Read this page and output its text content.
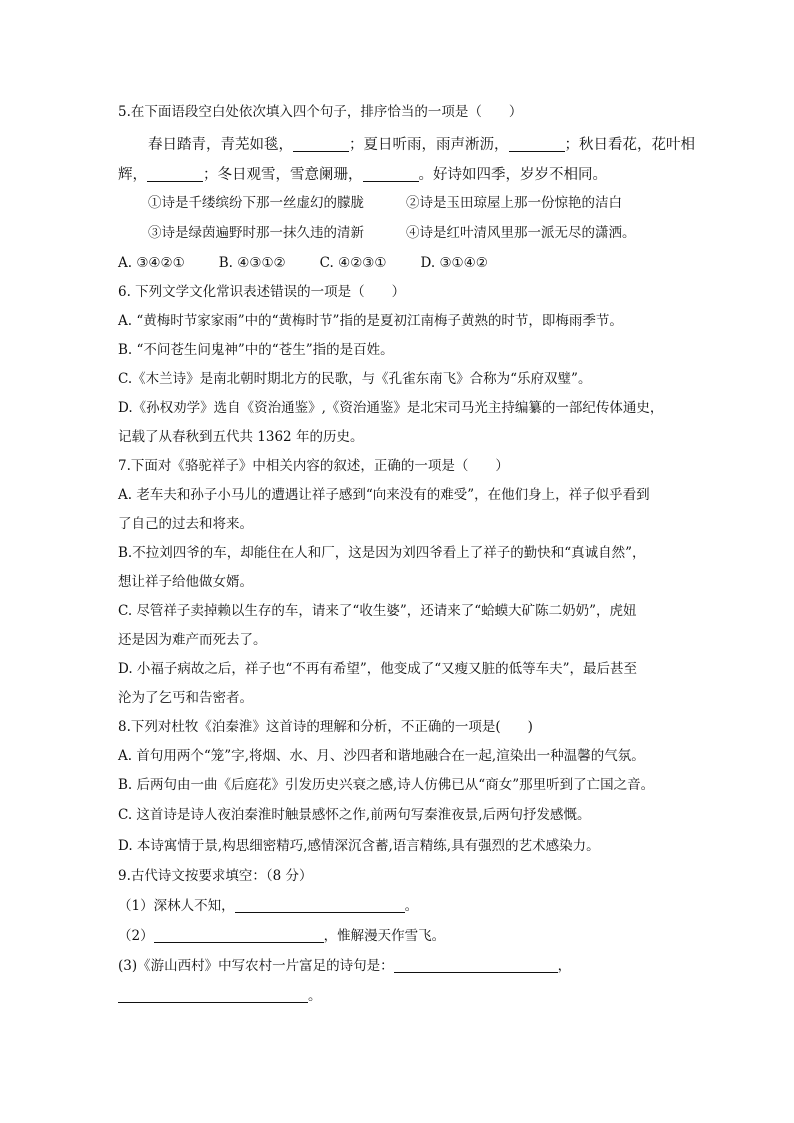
5.在下面语段空白处依次填入四个句子，排序恰当的一项是（　　）
春日踏青，青芜如毯，	；夏日听雨，雨声淅沥，	；秋日看花，花叶相
辉，	；冬日观雪，雪意阑珊，	。好诗如四季，岁岁不相同。
①诗是千缕缤纷下那一丝虚幻的朦胧	②诗是玉田琼屋上那一份惊艳的洁白
③诗是绿茵遍野时那一抹久违的清新	④诗是红叶清风里那一派无尽的潇洒。
A. ③④②①	B. ④③①②	C. ④②③①	D. ③①④②
6. 下列文学文化常识表述错误的一项是（　　）
A. “黄梅时节家家雨”中的“黄梅时节”指的是夏初江南梅子黄熟的时节，即梅雨季节。
B. “不问苍生问鬼神”中的“苍生”指的是百姓。
C.《木兰诗》是南北朝时期北方的民歌，与《孔雀东南飞》合称为“乐府双璧”。
D.《孙权劝学》选自《资治通鉴》,《资治通鉴》是北宋司马光主持编纂的一部纪传体通史，
记载了从春秋到五代共 1362 年的历史。
7.下面对《骆驼祥子》中相关内容的叙述，正确的一项是（　　）
A. 老车夫和孙子小马儿的遭遇让祥子感到“向来没有的难受”，在他们身上，祥子似乎看到
了自己的过去和将来。
B.不拉刘四爷的车，却能住在人和厂，这是因为刘四爷看上了祥子的勤快和“真诚自然”，
想让祥子给他做女婿。
C. 尽管祥子卖掉赖以生存的车，请来了“收生婆”，还请来了“蛤蟆大矿陈二奶奶”，虎妞
还是因为难产而死去了。
D. 小福子病故之后，祥子也“不再有希望”，他变成了“又瘦又脏的低等车夫”，最后甚至
沦为了乞丐和告密者。
8.下列对杜牧《泊秦淮》这首诗的理解和分析，不正确的一项是(　　)
A. 首句用两个“笼”字,将烟、水、月、沙四者和谐地融合在一起,渲染出一种温馨的气氛。
B. 后两句由一曲《后庭花》引发历史兴衰之感,诗人仿佛已从“商女”那里听到了亡国之音。
C. 这首诗是诗人夜泊秦淮时触景感怀之作,前两句写秦淮夜景,后两句抒发感慨。
D. 本诗寓情于景,构思细密精巧,感情深沉含蓄,语言精练,具有强烈的艺术感染力。
9.古代诗文按要求填空：（8 分）
（1）深林人不知，	。
（2）	，惟解漫天作雪飞。
(3)《游山西村》中写农村一片富足的诗句是：	，
。
